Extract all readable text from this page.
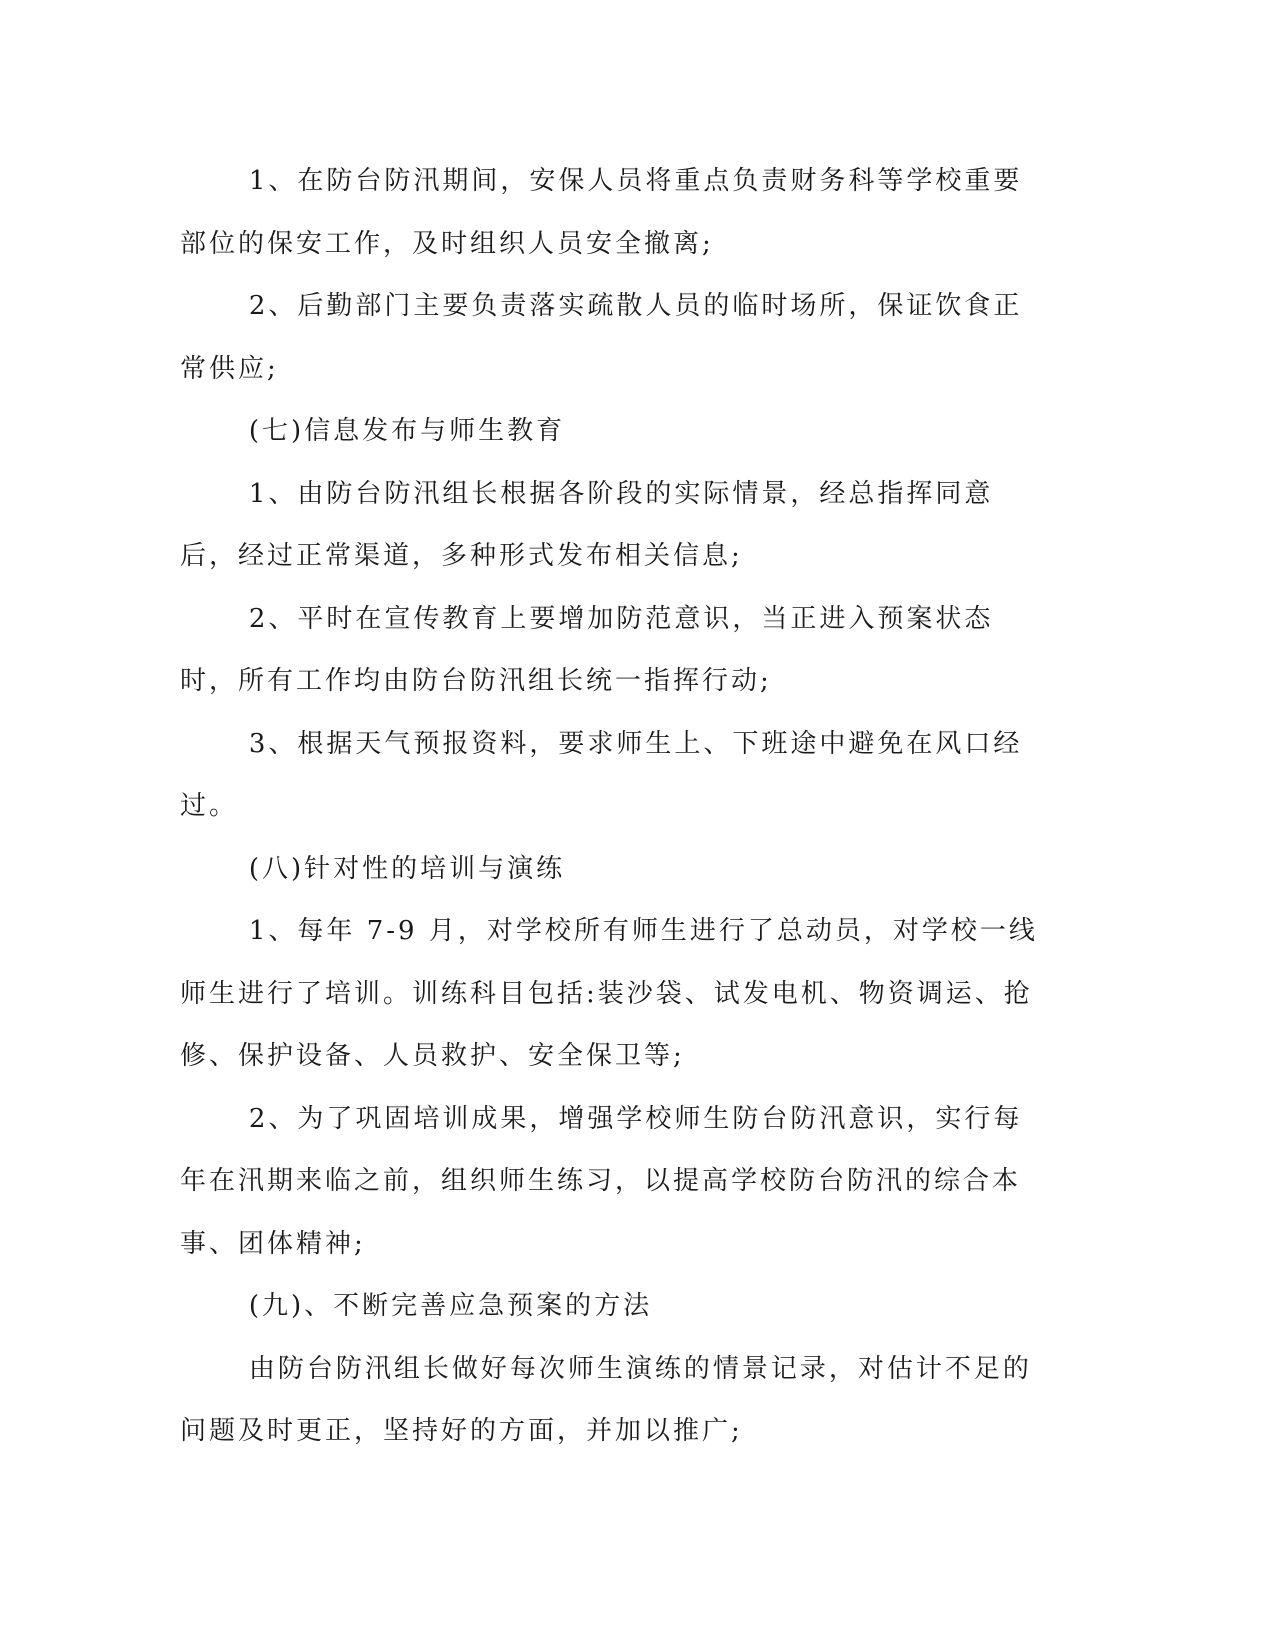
1、在防台防汛期间，安保人员将重点负责财务科等学校重要部位的保安工作，及时组织人员安全撤离;

2、后勤部门主要负责落实疏散人员的临时场所，保证饮食正常供应;

(七)信息发布与师生教育

1、由防台防汛组长根据各阶段的实际情景，经总指挥同意后，经过正常渠道，多种形式发布相关信息;

2、平时在宣传教育上要增加防范意识，当正进入预案状态时，所有工作均由防台防汛组长统一指挥行动;

3、根据天气预报资料，要求师生上、下班途中避免在风口经过。

(八)针对性的培训与演练

1、每年 7-9 月，对学校所有师生进行了总动员，对学校一线师生进行了培训。训练科目包括:装沙袋、试发电机、物资调运、抢修、保护设备、人员救护、安全保卫等;

2、为了巩固培训成果，增强学校师生防台防汛意识，实行每年在汛期来临之前，组织师生练习，以提高学校防台防汛的综合本事、团体精神;

(九)、不断完善应急预案的方法

由防台防汛组长做好每次师生演练的情景记录，对估计不足的问题及时更正，坚持好的方面，并加以推广;
